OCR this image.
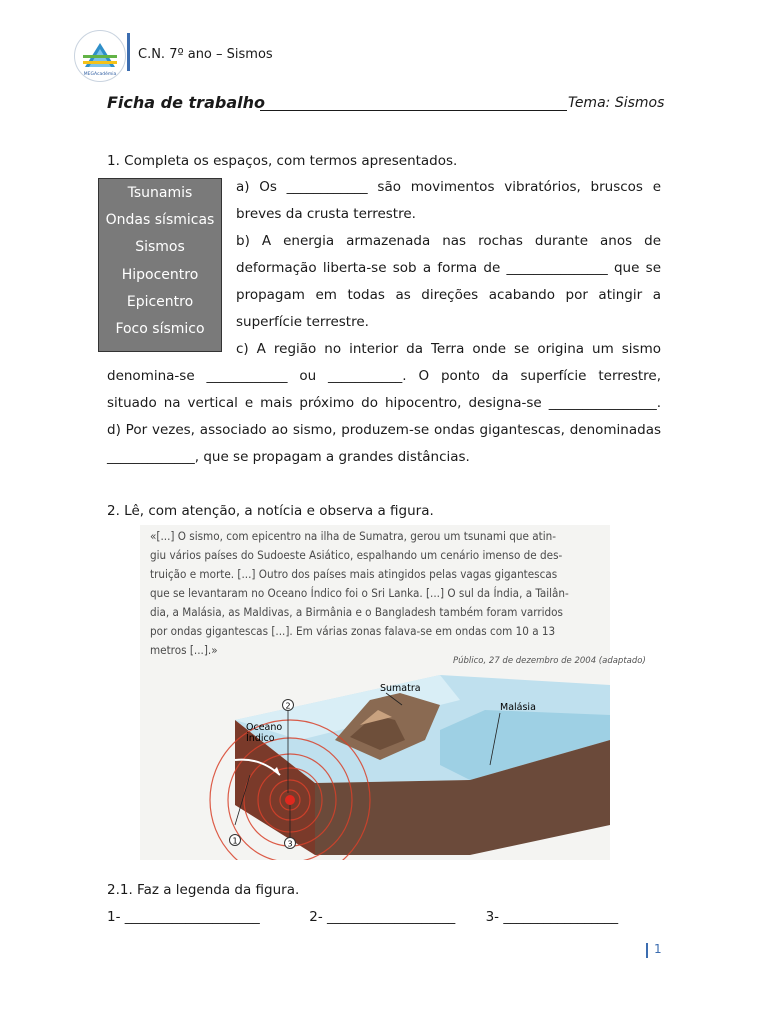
MEGAcadémia
C.N. 7º ano – Sismos
Ficha de trabalho	Tema: Sismos
1. Completa os espaços, com termos apresentados.
Tsunamis
Ondas sísmicas
Sismos
Hipocentro
Epicentro
Foco sísmico
a) Os ____________ são movimentos vibratórios, bruscos e
breves da crusta terrestre.
b) A energia armazenada nas rochas durante anos de
deformação liberta-se sob a forma de _______________ que se
propagam em todas as direções acabando por atingir a
superfície terrestre.
c) A região no interior da Terra onde se origina um sismo
denomina-se ____________ ou ___________. O ponto da superfície terrestre,
situado na vertical e mais próximo do hipocentro, designa-se ________________.
d) Por vezes, associado ao sismo, produzem-se ondas gigantescas, denominadas
_____________, que se propagam a grandes distâncias.
2. Lê, com atenção, a notícia e observa a figura.
2
1	3
Sumatra
Malásia
Oceano
Índico
«[...] O sismo, com epicentro na ilha de Sumatra, gerou um tsunami que atin-
giu vários países do Sudoeste Asiático, espalhando um cenário imenso de des-
truição e morte. [...] Outro dos países mais atingidos pelas vagas gigantescas
que se levantaram no Oceano Índico foi o Sri Lanka. [...] O sul da Índia, a Tailân-
dia, a Malásia, as Maldivas, a Birmânia e o Bangladesh também foram varridos
por ondas gigantescas [...]. Em várias zonas falava-se em ondas com 10 a 13
metros [...].»
Público, 27 de dezembro de 2004 (adaptado)
2.1. Faz a legenda da figura.
1- ____________________	2- ___________________ 3- _________________
1
